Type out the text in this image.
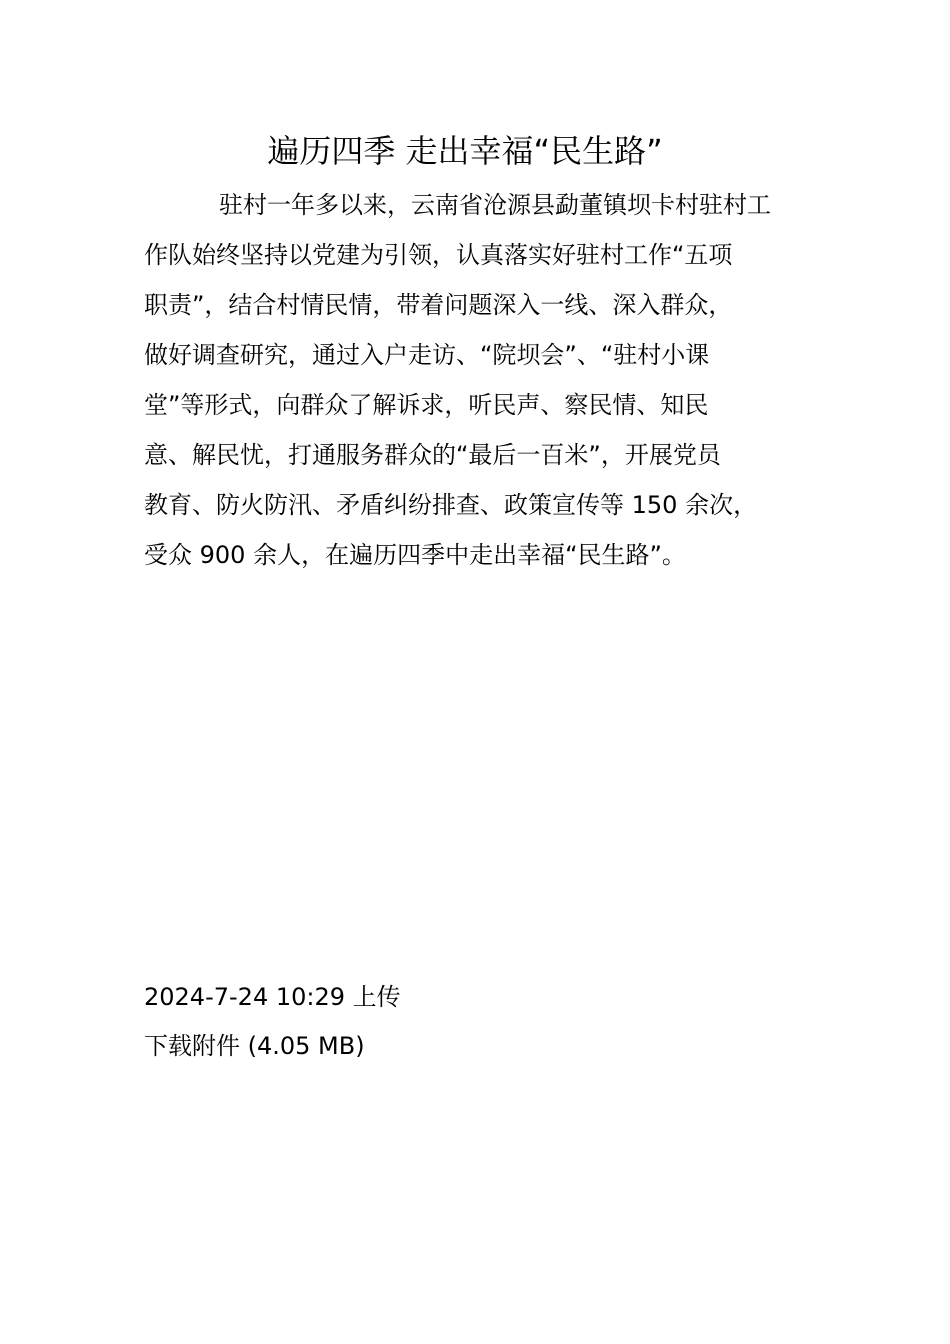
遍历四季 走出幸福“民生路”
驻村一年多以来，云南省沧源县勐董镇坝卡村驻村工
作队始终坚持以党建为引领，认真落实好驻村工作“五项
职责”，结合村情民情，带着问题深入一线、深入群众，
做好调查研究，通过入户走访、“院坝会”、“驻村小课
堂”等形式，向群众了解诉求，听民声、察民情、知民
意、解民忧，打通服务群众的“最后一百米”，开展党员
教育、防火防汛、矛盾纠纷排查、政策宣传等 150 余次，
受众 900 余人，在遍历四季中走出幸福“民生路”。
2024-7-24 10:29 上传
下载附件 (4.05 MB)
